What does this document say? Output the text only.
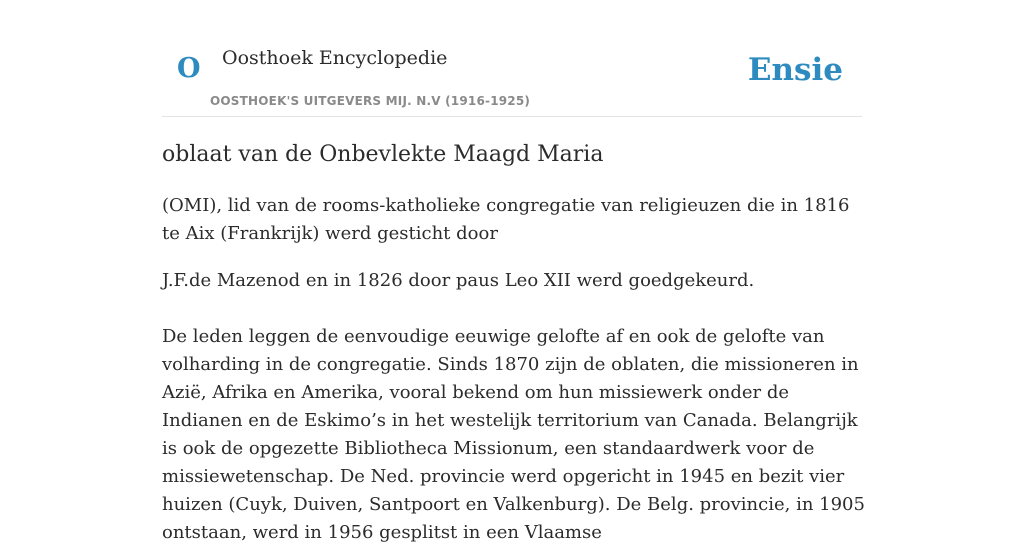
O Oosthoek Encyclopedie
OOSTHOEK'S UITGEVERS MIJ. N.V (1916-1925)
Ensie
oblaat van de Onbevlekte Maagd Maria

(OMI), lid van de rooms-katholieke congregatie van religieuzen die in 1816 te Aix (Frankrijk) werd gesticht door

J.F.de Mazenod en in 1826 door paus Leo XII werd goedgekeurd.

De leden leggen de eenvoudige eeuwige gelofte af en ook de gelofte van volharding in de congregatie. Sinds 1870 zijn de oblaten, die missioneren in Azië, Afrika en Amerika, vooral bekend om hun missiewerk onder de Indianen en de Eskimo’s in het westelijk territorium van Canada. Belangrijk is ook de opgezette Bibliotheca Missionum, een standaardwerk voor de missiewetenschap. De Ned. provincie werd opgericht in 1945 en bezit vier huizen (Cuyk, Duiven, Santpoort en Valkenburg). De Belg. provincie, in 1905 ontstaan, werd in 1956 gesplitst in een Vlaamse
